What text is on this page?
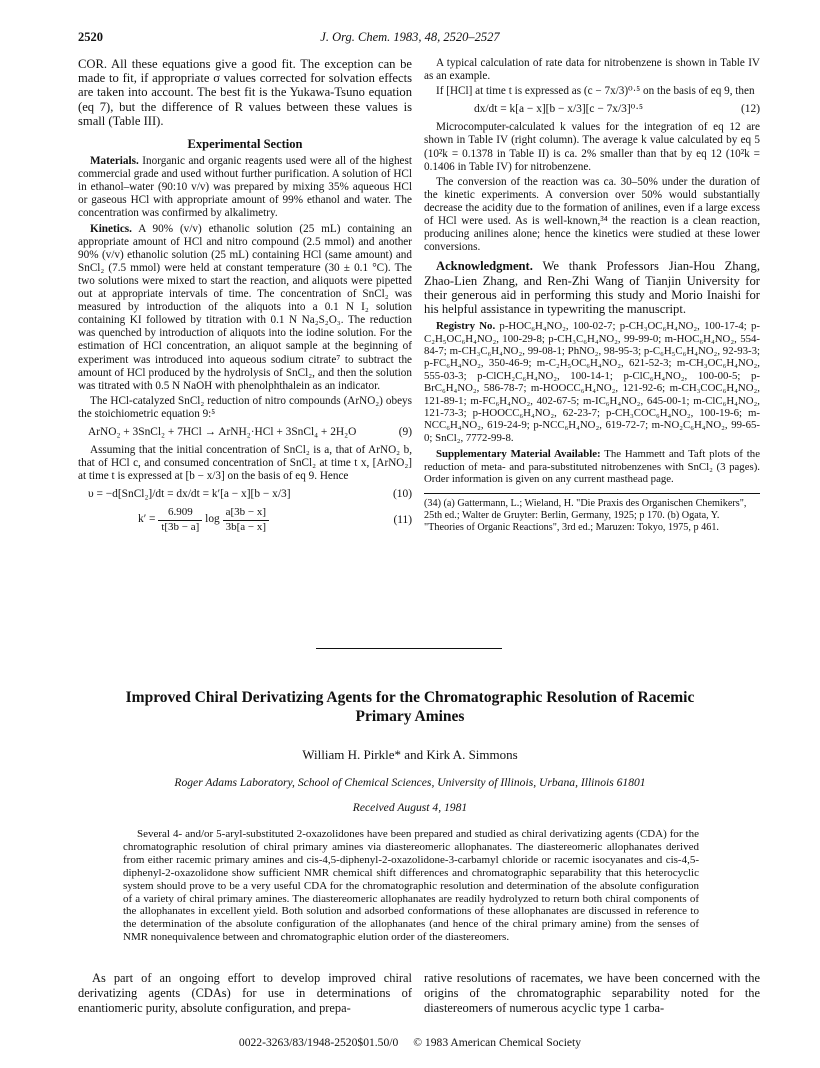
2520	J. Org. Chem. 1983, 48, 2520–2527

COR. All these equations give a good fit. The exception can be made to fit, if appropriate σ values corrected for solvation effects are taken into account. The best fit is the Yukawa-Tsuno equation (eq 7), but the difference of R values between these values is small (Table III).

Experimental Section

Materials. Inorganic and organic reagents used were all of the highest commercial grade and used without further purification. A solution of HCl in ethanol–water (90:10 v/v) was prepared by mixing 35% aqueous HCl or gaseous HCl with appropriate amount of 99% ethanol and water. The concentration was confirmed by alkalimetry.

Kinetics. A 90% (v/v) ethanolic solution (25 mL) containing an appropriate amount of HCl and nitro compound (2.5 mmol) and another 90% (v/v) ethanolic solution (25 mL) containing HCl (same amount) and SnCl₂ (7.5 mmol) were held at constant temperature (30 ± 0.1 °C). The two solutions were mixed to start the reaction, and aliquots were pipetted out at appropriate intervals of time. The concentration of SnCl₂ was measured by introduction of the aliquots into a 0.1 N I₂ solution containing KI followed by titration with 0.1 N Na₂S₂O₃. The reduction was quenched by introduction of aliquots into the iodine solution. For the estimation of HCl concentration, an aliquot sample at the beginning of experiment was introduced into aqueous sodium citrate⁷ to subtract the amount of HCl produced by the hydrolysis of SnCl₂, and then the solution was titrated with 0.5 N NaOH with phenolphthalein as an indicator.

The HCl-catalyzed SnCl₂ reduction of nitro compounds (ArNO₂) obeys the stoichiometric equation 9:⁵

ArNO₂ + 3SnCl₂ + 7HCl → ArNH₂·HCl + 3SnCl₄ + 2H₂O	(9)

Assuming that the initial concentration of SnCl₂ is a, that of ArNO₂ b, that of HCl c, and consumed concentration of SnCl₂ at time t x, [ArNO₂] at time t is expressed at [b − x/3] on the basis of eq 9. Hence

υ = −d[SnCl₂]/dt = dx/dt = k′[a − x][b − x/3]	(10)
$k' = \frac{6.909}{t[3b - a]}$ $\log \frac{a[3b - x]}{3b[a - x]}$	(11)

A typical calculation of rate data for nitrobenzene is shown in Table IV as an example.

If [HCl] at time t is expressed as (c − 7x/3)⁰·⁵ on the basis of eq 9, then

dx/dt = k[a − x][b − x/3][c − 7x/3]⁰·⁵	(12)

Microcomputer-calculated k values for the integration of eq 12 are shown in Table IV (right column). The average k value calculated by eq 5 (10²k = 0.1378 in Table II) is ca. 2% smaller than that by eq 12 (10²k = 0.1406 in Table IV) for nitrobenzene.

The conversion of the reaction was ca. 30–50% under the duration of the kinetic experiments. A conversion over 50% would substantially decrease the acidity due to the formation of anilines, even if a large excess of HCl were used. As is well-known,³⁴ the reaction is a clean reaction, producing anilines alone; hence the kinetics were studied at these lower conversions.

Acknowledgment. We thank Professors Jian-Hou Zhang, Zhao-Lien Zhang, and Ren-Zhi Wang of Tianjin University for their generous aid in performing this study and Morio Inaishi for his helpful assistance in typewriting the manuscript.

Registry No. p-HOC₆H₄NO₂, 100-02-7; p-CH₃OC₆H₄NO₂, 100-17-4; p-C₂H₅OC₆H₄NO₂, 100-29-8; p-CH₃C₆H₄NO₂, 99-99-0; m-HOC₆H₄NO₂, 554-84-7; m-CH₃C₆H₄NO₂, 99-08-1; PhNO₂, 98-95-3; p-C₆H₅C₆H₄NO₂, 92-93-3; p-FC₆H₄NO₂, 350-46-9; m-C₂H₅OC₆H₄NO₂, 621-52-3; m-CH₃OC₆H₄NO₂, 555-03-3; p-ClCH₂C₆H₄NO₂, 100-14-1; p-ClC₆H₄NO₂, 100-00-5; p-BrC₆H₄NO₂, 586-78-7; m-HOOCC₆H₄NO₂, 121-92-6; m-CH₃COC₆H₄NO₂, 121-89-1; m-FC₆H₄NO₂, 402-67-5; m-IC₆H₄NO₂, 645-00-1; m-ClC₆H₄NO₂, 121-73-3; p-HOOCC₆H₄NO₂, 62-23-7; p-CH₃COC₆H₄NO₂, 100-19-6; m-NCC₆H₄NO₂, 619-24-9; p-NCC₆H₄NO₂, 619-72-7; m-NO₂C₆H₄NO₂, 99-65-0; SnCl₂, 7772-99-8.

Supplementary Material Available: The Hammett and Taft plots of the reduction of meta- and para-substituted nitrobenzenes with SnCl₂ (3 pages). Order information is given on any current masthead page.

(34) (a) Gattermann, L.; Wieland, H. "Die Praxis des Organischen Chemikers", 25th ed.; Walter de Gruyter: Berlin, Germany, 1925; p 170. (b) Ogata, Y. "Theories of Organic Reactions", 3rd ed.; Maruzen: Tokyo, 1975, p 461.
Improved Chiral Derivatizing Agents for the Chromatographic Resolution of Racemic Primary Amines
William H. Pirkle* and Kirk A. Simmons
Roger Adams Laboratory, School of Chemical Sciences, University of Illinois, Urbana, Illinois 61801
Received August 4, 1981
Several 4- and/or 5-aryl-substituted 2-oxazolidones have been prepared and studied as chiral derivatizing agents (CDA) for the chromatographic resolution of chiral primary amines via diastereomeric allophanates. The diastereomeric allophanates derived from either racemic primary amines and cis-4,5-diphenyl-2-oxazolidone-3-carbamyl chloride or racemic isocyanates and cis-4,5-diphenyl-2-oxazolidone show sufficient NMR chemical shift differences and chromatographic separability that this heterocyclic system should prove to be a very useful CDA for the chromatographic resolution and determination of the absolute configuration of a variety of chiral primary amines. The diastereomeric allophanates are readily hydrolyzed to return both chiral components of the allophanates in excellent yield. Both solution and adsorbed conformations of these allophanates are discussed in reference to the determination of the absolute configuration of the allophanates (and hence of the chiral primary amine) from the senses of NMR nonequivalence between and chromatographic elution order of the diastereomers.
As part of an ongoing effort to develop improved chiral derivatizing agents (CDAs) for use in determinations of enantiomeric purity, absolute configuration, and prepa-
rative resolutions of racemates, we have been concerned with the origins of the chromatographic separability noted for the diastereomers of numerous acyclic type 1 carba-
0022-3263/83/1948-2520$01.50/0 © 1983 American Chemical Society
